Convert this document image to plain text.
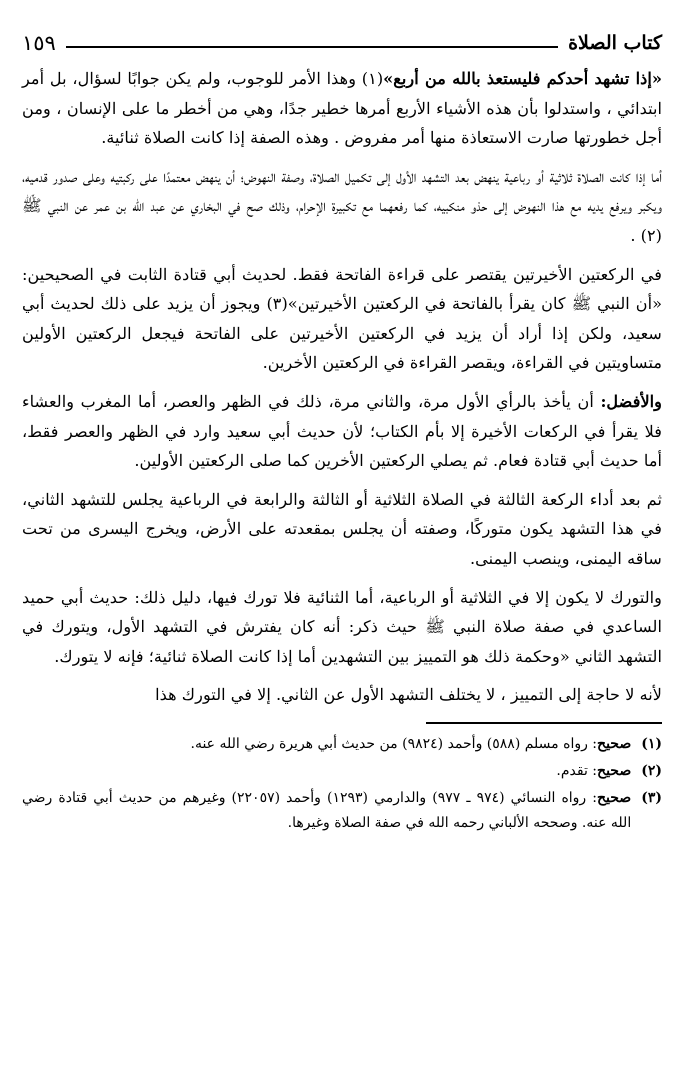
كتاب الصلاة
١٥٩

«إذا تشهد أحدكم فليستعذ بالله من أربع»(١) وهذا الأمر للوجوب، ولم يكن جوابًا لسؤال، بل أمر ابتدائي ، واستدلوا بأن هذه الأشياء الأربع أمرها خطير جدًا، وهي من أخطر ما على الإنسان ، ومن أجل خطورتها صارت الاستعاذة منها أمر مفروض . وهذه الصفة إذا كانت الصلاة ثنائية.

أما إذا كانت الصلاة ثلاثية أو رباعية ينهض بعد التشهد الأول إلى تكميل الصلاة، وصفة النهوض؛ أن ينهض معتمدًا على ركبتيه وعلى صدور قدميه، ويكبر ويرفع يديه مع هذا النهوض إلى حذو منكبيه، كما رفعهما مع تكبيرة الإحرام، وذلك صح في البخاري عن عبد الله بن عمر عن النبي ﷺ (٢) .

في الركعتين الأخيرتين يقتصر على قراءة الفاتحة فقط. لحديث أبي قتادة الثابت في الصحيحين: «أن النبي ﷺ كان يقرأ بالفاتحة في الركعتين الأخيرتين»(٣) ويجوز أن يزيد على ذلك لحديث أبي سعيد، ولكن إذا أراد أن يزيد في الركعتين الأخيرتين على الفاتحة فيجعل الركعتين الأولين متساويتين في القراءة، ويقصر القراءة في الركعتين الأخرين.

والأفضل: أن يأخذ بالرأي الأول مرة، والثاني مرة، ذلك في الظهر والعصر، أما المغرب والعشاء فلا يقرأ في الركعات الأخيرة إلا بأم الكتاب؛ لأن حديث أبي سعيد وارد في الظهر والعصر فقط، أما حديث أبي قتادة فعام. ثم يصلي الركعتين الأخرين كما صلى الركعتين الأولين.

ثم بعد أداء الركعة الثالثة في الصلاة الثلاثية أو الثالثة والرابعة في الرباعية يجلس للتشهد الثاني، في هذا التشهد يكون متوركًا، وصفته أن يجلس بمقعدته على الأرض، ويخرج اليسرى من تحت ساقه اليمنى، وينصب اليمنى.

والتورك لا يكون إلا في الثلاثية أو الرباعية، أما الثنائية فلا تورك فيها، دليل ذلك: حديث أبي حميد الساعدي في صفة صلاة النبي ﷺ حيث ذكر: أنه كان يفترش في التشهد الأول، ويتورك في التشهد الثاني «وحكمة ذلك هو التمييز بين التشهدين أما إذا كانت الصلاة ثنائية؛ فإنه لا يتورك.

لأنه لا حاجة إلى التمييز ، لا يختلف التشهد الأول عن الثاني. إلا في التورك هذا

(١)
صحيح: رواه مسلم (٥٨٨) وأحمد (٩٨٢٤) من حديث أبي هريرة رضي الله عنه.
(٢)
صحيح: تقدم.
(٣)
صحيح: رواه النسائي (٩٧٤ ـ ٩٧٧) والدارمي (١٢٩٣) وأحمد (٢٢٠٥٧) وغيرهم من حديث أبي قتادة رضي الله عنه. وصححه الألباني رحمه الله في صفة الصلاة وغيرها.
